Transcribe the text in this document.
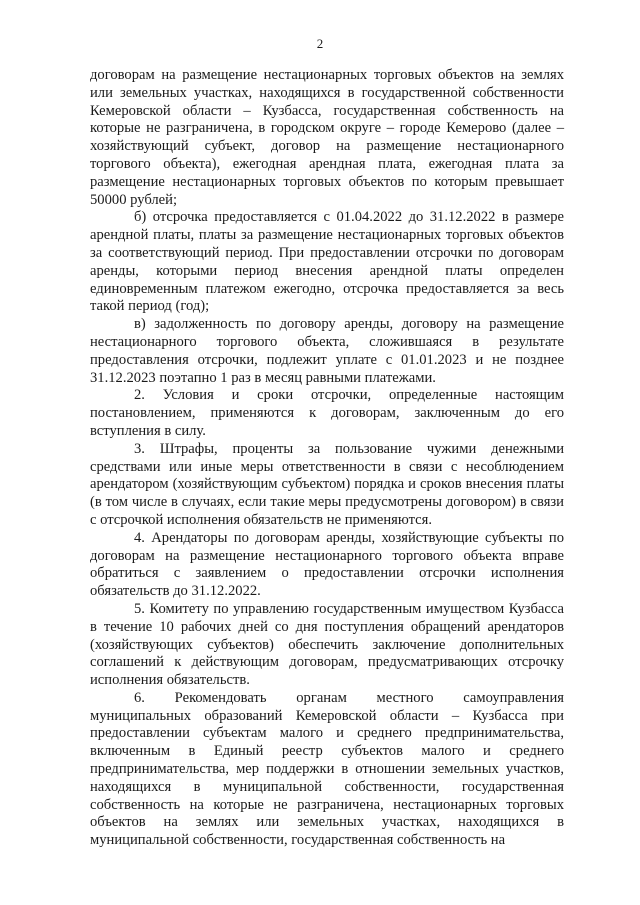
2

договорам на размещение нестационарных торговых объектов на землях или земельных участках, находящихся в государственной собственности Кемеровской области – Кузбасса, государственная собственность на которые не разграничена, в городском округе – городе Кемерово (далее – хозяйствующий субъект, договор на размещение нестационарного торгового объекта), ежегодная арендная плата, ежегодная плата за размещение нестационарных торговых объектов по которым превышает 50000 рублей;

б) отсрочка предоставляется с 01.04.2022 до 31.12.2022 в размере арендной платы, платы за размещение нестационарных торговых объектов за соответствующий период. При предоставлении отсрочки по договорам аренды, которыми период внесения арендной платы определен единовременным платежом ежегодно, отсрочка предоставляется за весь такой период (год);

в) задолженность по договору аренды, договору на размещение нестационарного торгового объекта, сложившаяся в результате предоставления отсрочки, подлежит уплате с 01.01.2023 и не позднее 31.12.2023 поэтапно 1 раз в месяц равными платежами.

2. Условия и сроки отсрочки, определенные настоящим постановлением, применяются к договорам, заключенным до его вступления в силу.

3. Штрафы, проценты за пользование чужими денежными средствами или иные меры ответственности в связи с несоблюдением арендатором (хозяйствующим субъектом) порядка и сроков внесения платы (в том числе в случаях, если такие меры предусмотрены договором) в связи с отсрочкой исполнения обязательств не применяются.

4. Арендаторы по договорам аренды, хозяйствующие субъекты по договорам на размещение нестационарного торгового объекта вправе обратиться с заявлением о предоставлении отсрочки исполнения обязательств до 31.12.2022.

5. Комитету по управлению государственным имуществом Кузбасса в течение 10 рабочих дней со дня поступления обращений арендаторов (хозяйствующих субъектов) обеспечить заключение дополнительных соглашений к действующим договорам, предусматривающих отсрочку исполнения обязательств.

6. Рекомендовать органам местного самоуправления муниципальных образований Кемеровской области – Кузбасса при предоставлении субъектам малого и среднего предпринимательства, включенным в Единый реестр субъектов малого и среднего предпринимательства, мер поддержки в отношении земельных участков, находящихся в муниципальной собственности, государственная собственность на которые не разграничена, нестационарных торговых объектов на землях или земельных участках, находящихся в муниципальной собственности, государственная собственность на
